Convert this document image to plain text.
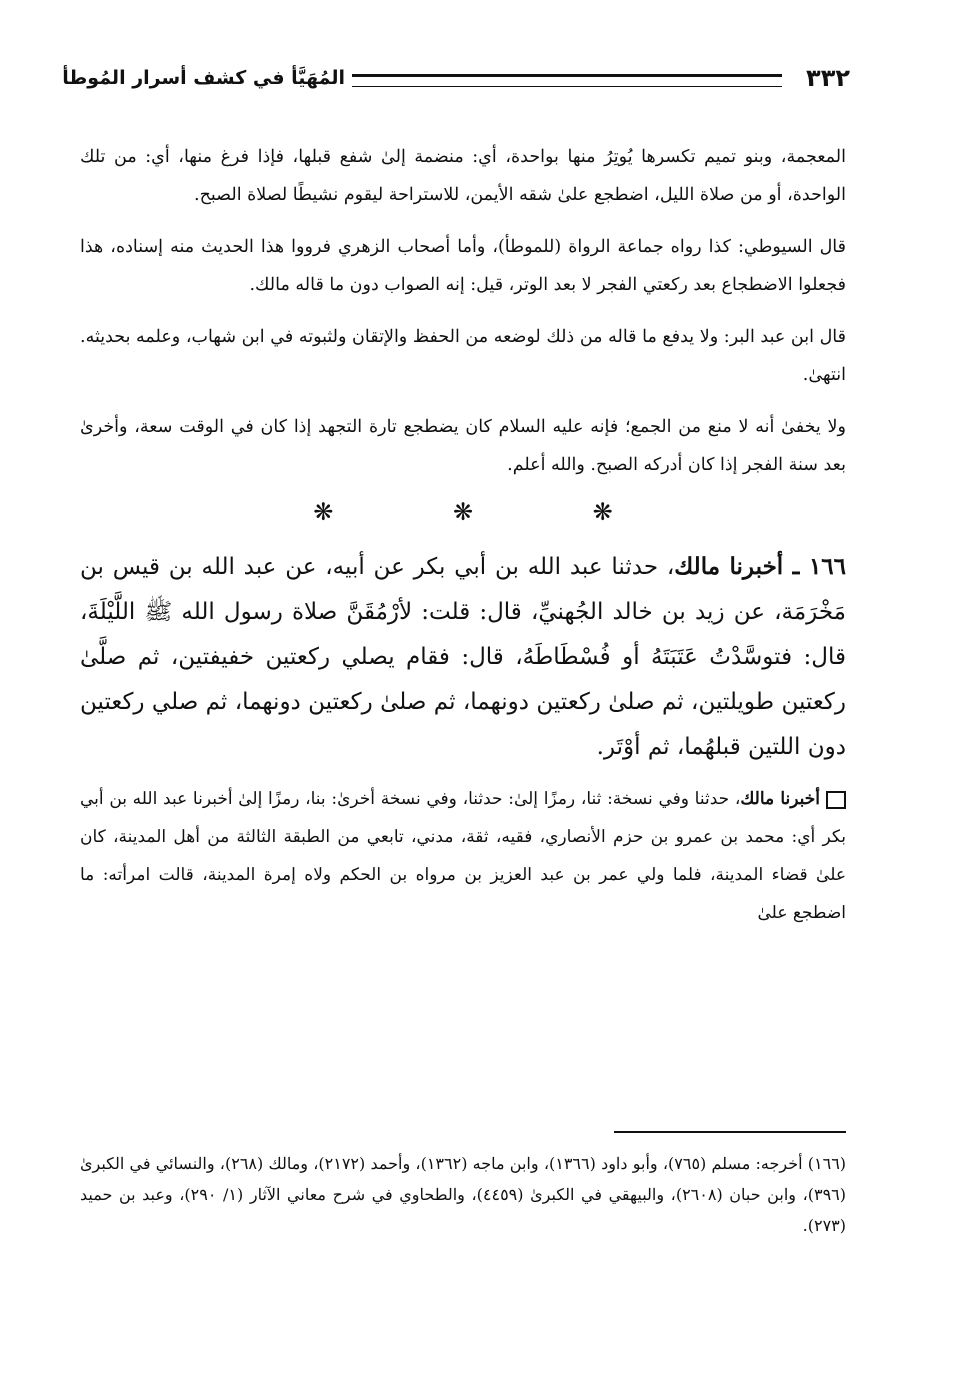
٣٣٢
المُهَيَّأ في كشف أسرار المُوطأ

المعجمة، وبنو تميم تكسرها يُوتِرُ منها بواحدة، أي: منضمة إلىٰ شفع قبلها، فإذا فرغ منها، أي: من تلك الواحدة، أو من صلاة الليل، اضطجع علىٰ شقه الأيمن، للاستراحة ليقوم نشيطًا لصلاة الصبح.

قال السيوطي: كذا رواه جماعة الرواة (للموطأ)، وأما أصحاب الزهري فرووا هذا الحديث منه إسناده، هذا فجعلوا الاضطجاع بعد ركعتي الفجر لا بعد الوتر، قيل: إنه الصواب دون ما قاله مالك.

قال ابن عبد البر: ولا يدفع ما قاله من ذلك لوضعه من الحفظ والإتقان ولثبوته في ابن شهاب، وعلمه بحديثه. انتهىٰ.

ولا يخفىٰ أنه لا منع من الجمع؛ فإنه عليه السلام كان يضطجع تارة التجهد إذا كان في الوقت سعة، وأخرىٰ بعد سنة الفجر إذا كان أدركه الصبح. والله أعلم.

❋ ❋ ❋

١٦٦ ـ أخبرنا مالك، حدثنا عبد الله بن أبي بكر عن أبيه، عن عبد الله بن قيس بن مَخْرَمَة، عن زيد بن خالد الجُهنيِّ، قال: قلت: لأرْمُقَنَّ صلاة رسول الله ﷺ اللَّيْلَةَ، قال: فتوسَّدْتُ عَتَبَتَهُ أو فُسْطَاطَهُ، قال: فقام يصلي ركعتين خفيفتين، ثم صلَّىٰ ركعتين طويلتين، ثم صلىٰ ركعتين دونهما، ثم صلىٰ ركعتين دونهما، ثم صلي ركعتين دون اللتين قبلهُما، ثم أوْتَر.

أخبرنا مالك، حدثنا وفي نسخة: ثنا، رمزًا إلىٰ: حدثنا، وفي نسخة أخرىٰ: بنا، رمزًا إلىٰ أخبرنا عبد الله بن أبي بكر أي: محمد بن عمرو بن حزم الأنصاري، فقيه، ثقة، مدني، تابعي من الطبقة الثالثة من أهل المدينة، كان علىٰ قضاء المدينة، فلما ولي عمر بن عبد العزيز بن مرواه بن الحكم ولاه إمرة المدينة، قالت امرأته: ما اضطجع علىٰ

(١٦٦) أخرجه: مسلم (٧٦٥)، وأبو داود (١٣٦٦)، وابن ماجه (١٣٦٢)، وأحمد (٢١٧٢)، ومالك (٢٦٨)، والنسائي في الكبرىٰ (٣٩٦)، وابن حبان (٢٦٠٨)، والبيهقي في الكبرىٰ (٤٤٥٩)، والطحاوي في شرح معاني الآثار (١/ ٢٩٠)، وعبد بن حميد (٢٧٣).
